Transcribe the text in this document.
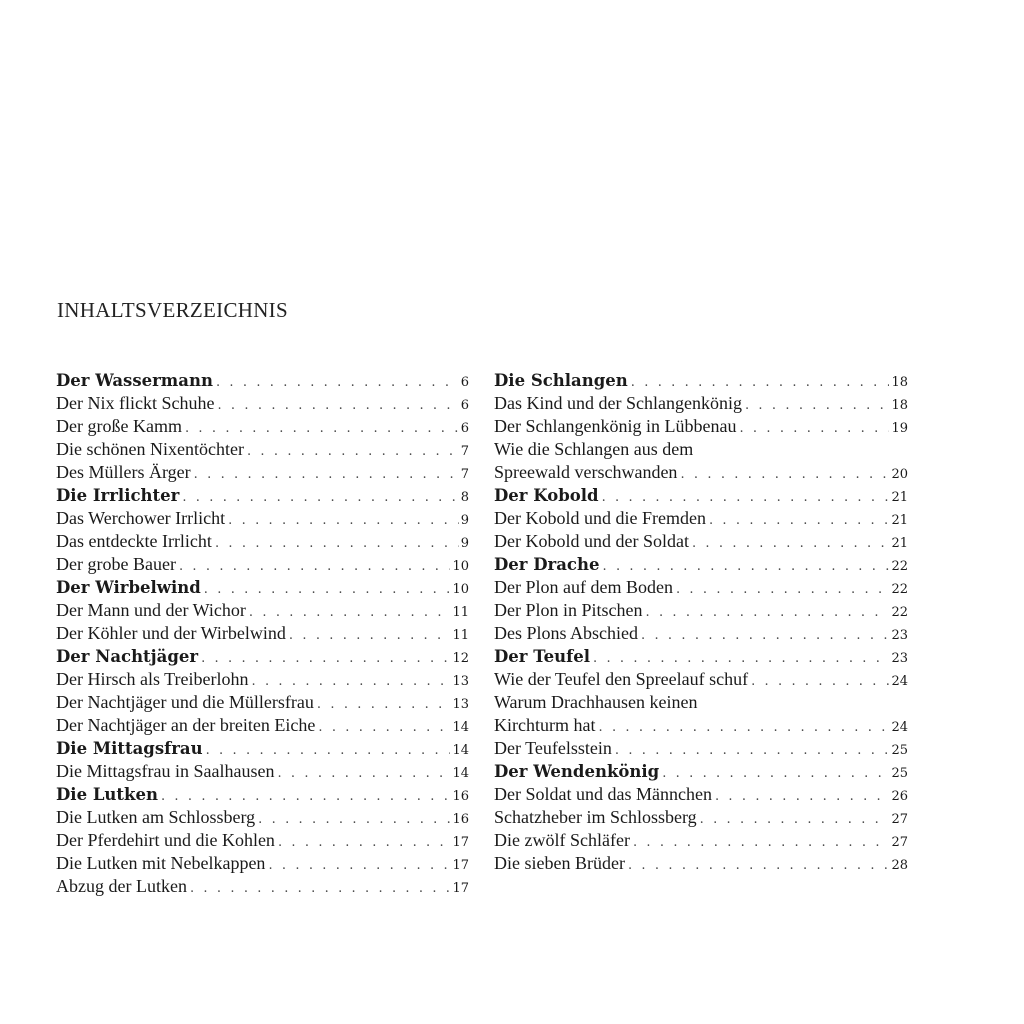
INHALTSVERZEICHNIS
Der Wassermann . . .	6
Der Nix flickt Schuhe . . .	6
Der große Kamm . . .	6
Die schönen Nixentöchter . . .	7
Des Müllers Ärger . . .	7
Die Irrlichter . . .	8
Das Werchower Irrlicht . . .	9
Das entdeckte Irrlicht . . .	9
Der grobe Bauer . . .	10
Der Wirbelwind . . .	10
Der Mann und der Wichor . . .	11
Der Köhler und der Wirbelwind . . .	11
Der Nachtjäger . . .	12
Der Hirsch als Treiberlohn . . .	13
Der Nachtjäger und die Müllersfrau . . .	13
Der Nachtjäger an der breiten Eiche . . .	14
Die Mittagsfrau . . .	14
Die Mittagsfrau in Saalhausen . . .	14
Die Lutken . . .	16
Die Lutken am Schlossberg . . .	16
Der Pferdehirt und die Kohlen . . .	17
Die Lutken mit Nebelkappen . . .	17
Abzug der Lutken . . .	17
Die Schlangen . . .	18
Das Kind und der Schlangenkönig . . .	18
Der Schlangenkönig in Lübbenau . . .	19
Wie die Schlangen aus dem
Spreewald verschwanden . . .	20
Der Kobold . . .	21
Der Kobold und die Fremden . . .	21
Der Kobold und der Soldat . . .	21
Der Drache . . .	22
Der Plon auf dem Boden . . .	22
Der Plon in Pitschen . . .	22
Des Plons Abschied . . .	23
Der Teufel . . .	23
Wie der Teufel den Spreelauf schuf . . .	24
Warum Drachhausen keinen
Kirchturm hat . . .	24
Der Teufelsstein . . .	25
Der Wendenkönig . . .	25
Der Soldat und das Männchen . . .	26
Schatzheber im Schlossberg . . .	27
Die zwölf Schläfer . . .	27
Die sieben Brüder . . .	28
